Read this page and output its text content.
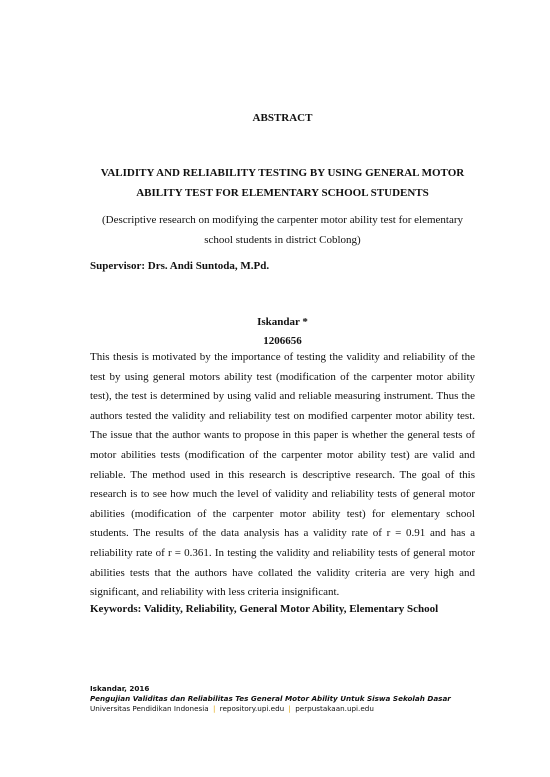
ABSTRACT
VALIDITY AND RELIABILITY TESTING BY USING GENERAL MOTOR ABILITY TEST FOR ELEMENTARY SCHOOL STUDENTS
(Descriptive research on modifying the carpenter motor ability test for elementary school students in district Coblong)
Supervisor: Drs. Andi Suntoda, M.Pd.
Iskandar *
1206656

This thesis is motivated by the importance of testing the validity and reliability of the test by using general motors ability test (modification of the carpenter motor ability test), the test is determined by using valid and reliable measuring instrument. Thus the authors tested the validity and reliability test on modified carpenter motor ability test. The issue that the author wants to propose in this paper is whether the general tests of motor abilities tests (modification of the carpenter motor ability test) are valid and reliable. The method used in this research is descriptive research. The goal of this research is to see how much the level of validity and reliability tests of general motor abilities (modification of the carpenter motor ability test) for elementary school students. The results of the data analysis has a validity rate of r = 0.91 and has a reliability rate of r = 0.361. In testing the validity and reliability tests of general motor abilities tests that the authors have collated the validity criteria are very high and significant, and reliability with less criteria insignificant.

Keywords: Validity, Reliability, General Motor Ability, Elementary School
Iskandar, 2016
Pengujian Validitas dan Reliabilitas Tes General Motor Ability Untuk Siswa Sekolah Dasar
Universitas Pendidikan Indonesia | repository.upi.edu | perpustakaan.upi.edu
